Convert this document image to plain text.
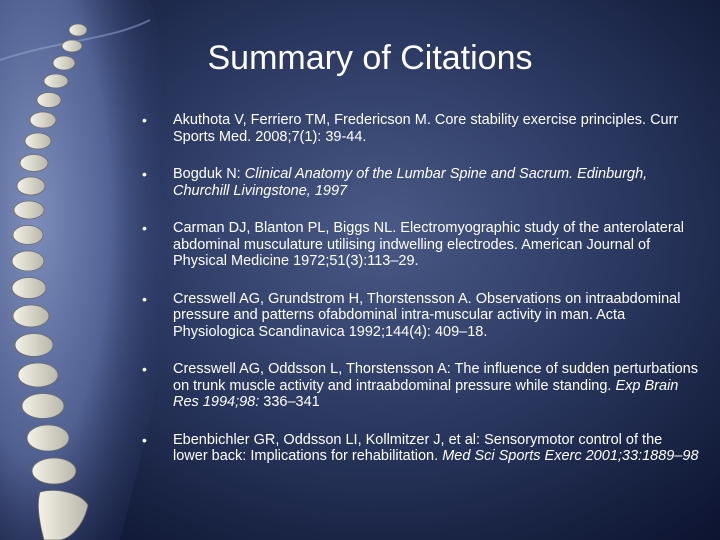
Summary of Citations
• Akuthota V, Ferriero TM, Fredericson M. Core stability exercise principles. Curr Sports Med. 2008;7(1): 39-44.
• Bogduk N: Clinical Anatomy of the Lumbar Spine and Sacrum. Edinburgh, Churchill Livingstone, 1997
• Carman DJ, Blanton PL, Biggs NL. Electromyographic study of the anterolateral abdominal musculature utilising indwelling electrodes. American Journal of Physical Medicine 1972;51(3):113–29.
• Cresswell AG, Grundstrom H, Thorstensson A. Observations on intraabdominal pressure and patterns ofabdominal intra-muscular activity in man. Acta Physiologica Scandinavica 1992;144(4): 409–18.
• Cresswell AG, Oddsson L, Thorstensson A: The influence of sudden perturbations on trunk muscle activity and intraabdominal pressure while standing. Exp Brain Res 1994;98: 336–341
• Ebenbichler GR, Oddsson LI, Kollmitzer J, et al: Sensorymotor control of the lower back: Implications for rehabilitation. Med Sci Sports Exerc 2001;33:1889–98
